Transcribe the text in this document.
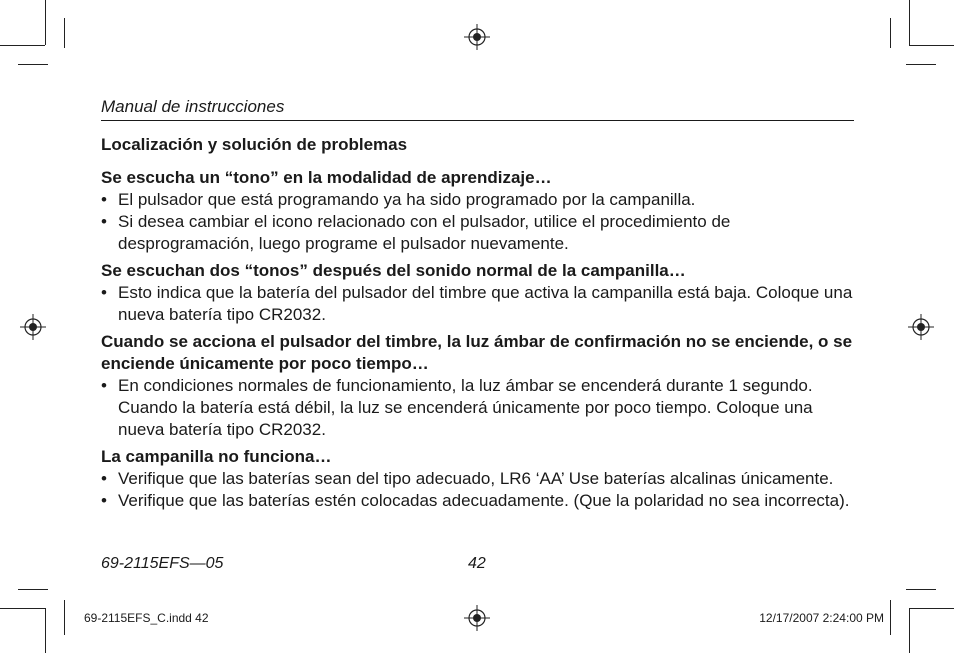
Manual de instrucciones
Localización y solución de problemas
Se escucha un “tono” en la modalidad de aprendizaje…
• El pulsador que está programando ya ha sido programado por la campanilla.
• Si desea cambiar el icono relacionado con el pulsador, utilice el procedimiento de desprogramación, luego programe el pulsador nuevamente.
Se escuchan dos “tonos” después del sonido normal de la campanilla…
• Esto indica que la batería del pulsador del timbre que activa la campanilla está baja. Coloque una nueva batería tipo CR2032.
Cuando se acciona el pulsador del timbre, la luz ámbar de confirmación no se enciende, o se enciende únicamente por poco tiempo…
• En condiciones normales de funcionamiento, la luz ámbar se encenderá durante 1 segundo. Cuando la batería está débil, la luz se encenderá únicamente por poco tiempo. Coloque una nueva batería tipo CR2032.
La campanilla no funciona…
• Verifique que las baterías sean del tipo adecuado, LR6 ‘AA’ Use baterías alcalinas únicamente.
• Verifique que las baterías estén colocadas adecuadamente. (Que la polaridad no sea incorrecta).
69-2115EFS—05	42
69-2115EFS_C.indd 42	12/17/2007 2:24:00 PM
